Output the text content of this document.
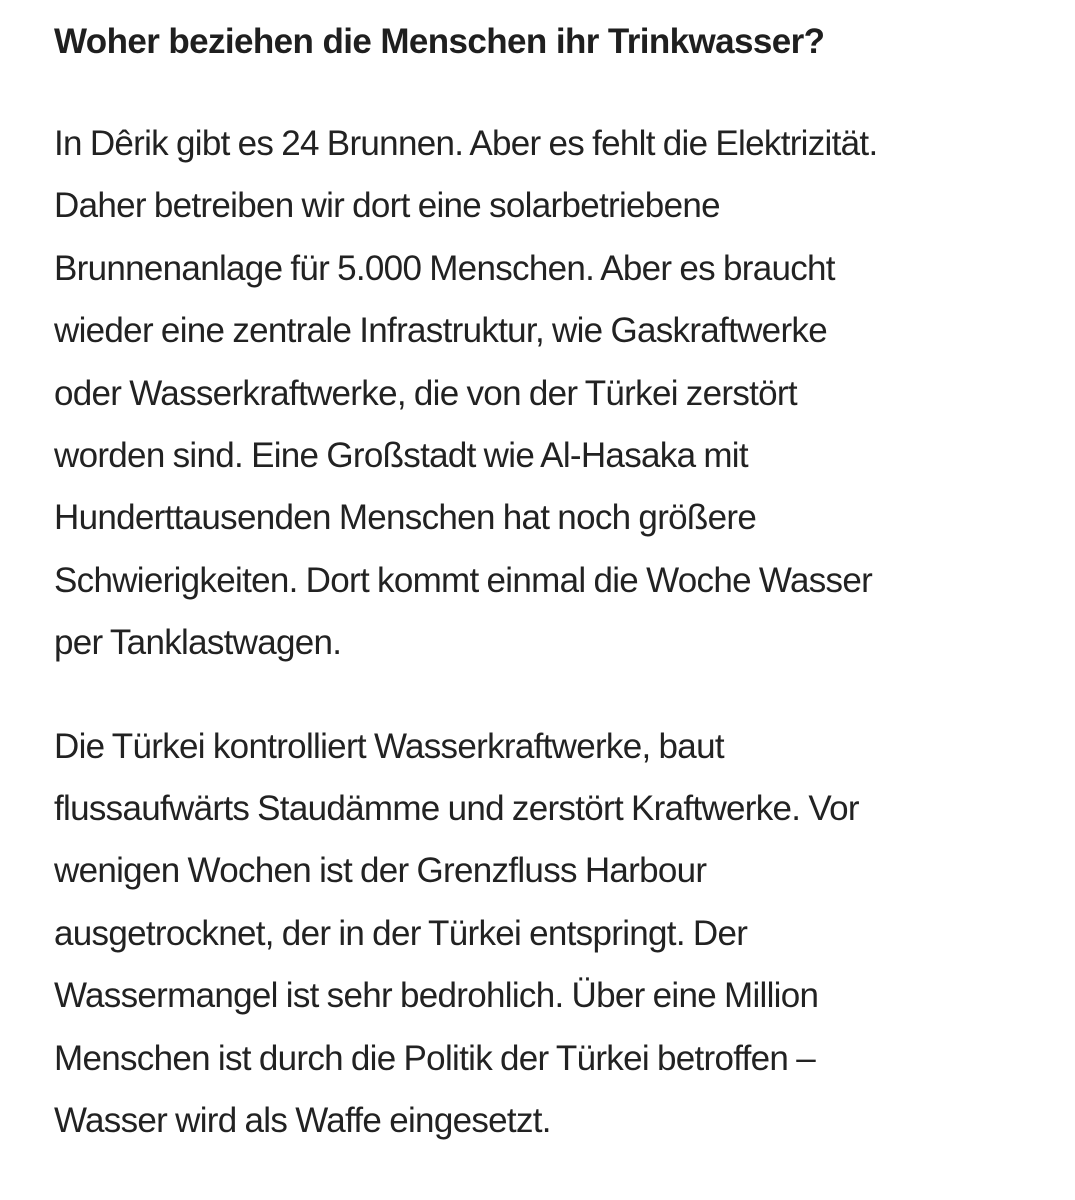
Woher beziehen die Menschen ihr Trinkwasser?

In Dêrik gibt es 24 Brunnen. Aber es fehlt die Elektrizität.
Daher betreiben wir dort eine solarbetriebene
Brunnenanlage für 5.000 Menschen. Aber es braucht
wieder eine zentrale Infrastruktur, wie Gaskraftwerke
oder Wasserkraftwerke, die von der Türkei zerstört
worden sind. Eine Großstadt wie Al-Hasaka mit
Hunderttausenden Menschen hat noch größere
Schwierigkeiten. Dort kommt einmal die Woche Wasser
per Tanklastwagen.

Die Türkei kontrolliert Wasserkraftwerke, baut
flussaufwärts Staudämme und zerstört Kraftwerke. Vor
wenigen Wochen ist der Grenzfluss Harbour
ausgetrocknet, der in der Türkei entspringt. Der
Wassermangel ist sehr bedrohlich. Über eine Million
Menschen ist durch die Politik der Türkei betroffen –
Wasser wird als Waffe eingesetzt.
